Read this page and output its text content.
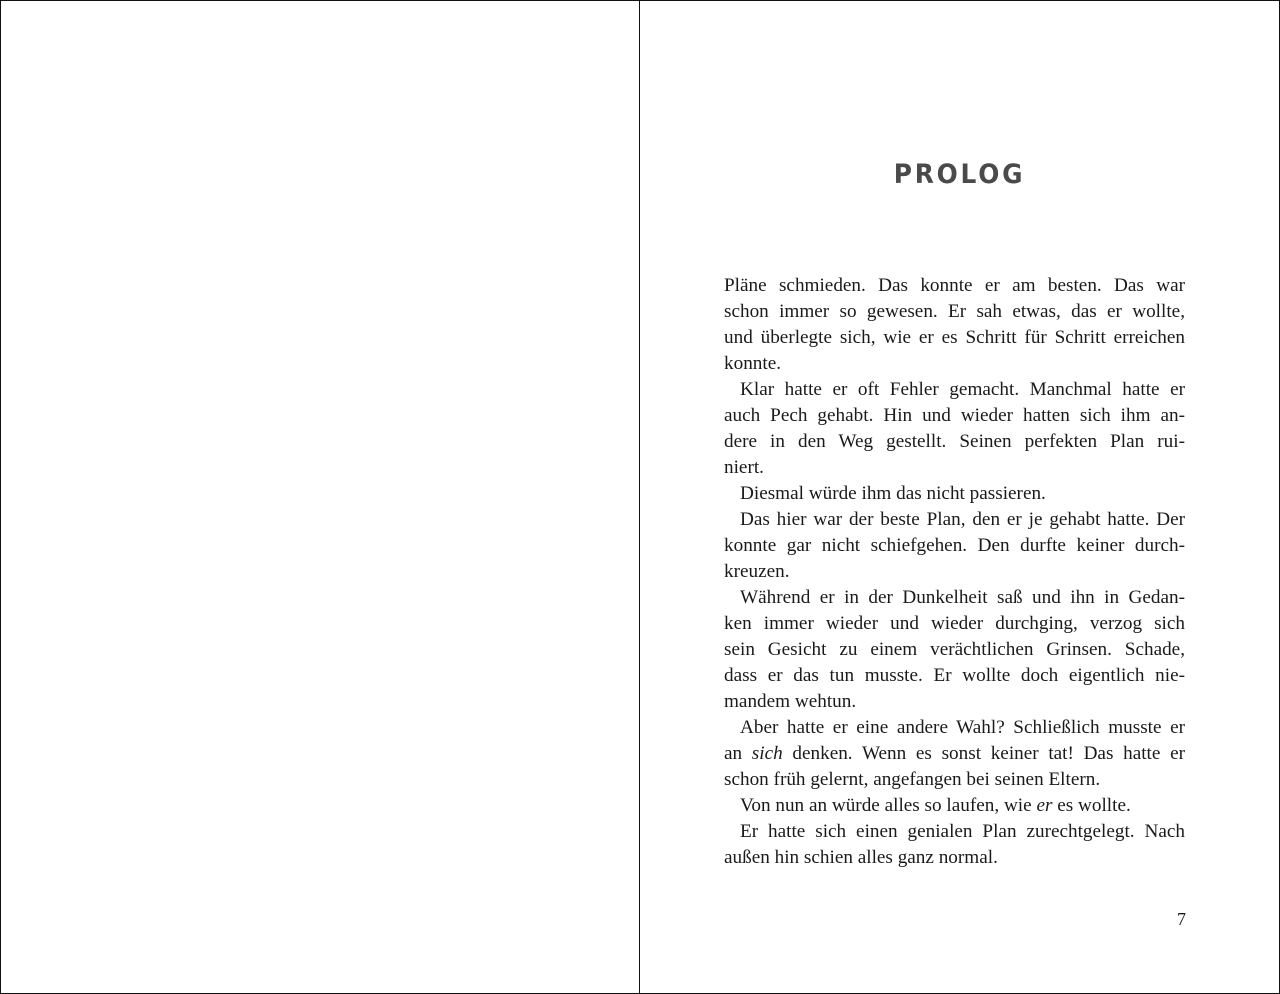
PROLOG
Pläne schmieden. Das konnte er am besten. Das war
schon immer so gewesen. Er sah etwas, das er wollte,
und überlegte sich, wie er es Schritt für Schritt erreichen
konnte.
Klar hatte er oft Fehler gemacht. Manchmal hatte er
auch Pech gehabt. Hin und wieder hatten sich ihm an-
dere in den Weg gestellt. Seinen perfekten Plan rui-
niert.
Diesmal würde ihm das nicht passieren.
Das hier war der beste Plan, den er je gehabt hatte. Der
konnte gar nicht schiefgehen. Den durfte keiner durch-
kreuzen.
Während er in der Dunkelheit saß und ihn in Gedan-
ken immer wieder und wieder durchging, verzog sich
sein Gesicht zu einem verächtlichen Grinsen. Schade,
dass er das tun musste. Er wollte doch eigentlich nie-
mandem wehtun.
Aber hatte er eine andere Wahl? Schließlich musste er
an sich denken. Wenn es sonst keiner tat! Das hatte er
schon früh gelernt, angefangen bei seinen Eltern.
Von nun an würde alles so laufen, wie er es wollte.
Er hatte sich einen genialen Plan zurechtgelegt. Nach
außen hin schien alles ganz normal.
7
